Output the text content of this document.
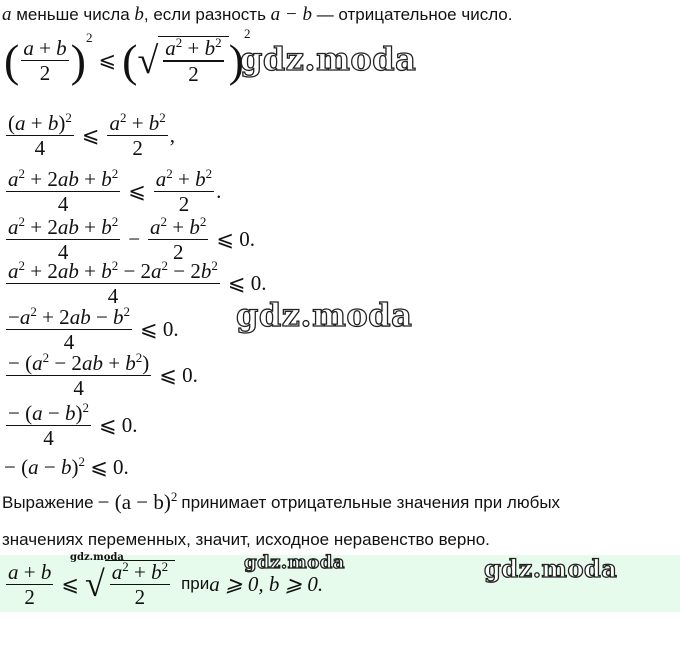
a меньше числа b, если разность a − b — отрицательное число.
( $\frac{a + b}{2}$ ) 2
⩽ ( √ $\frac{a^2 + b^2}{2}$ )
2
$\frac{(a + b)^2}{4}$ ⩽ $\frac{a^2 + b^2}{2}$ ,
$\frac{a^2 + 2ab + b^2}{4}$ ⩽ $\frac{a^2 + b^2}{2}$ .
$\frac{a^2 + 2ab + b^2}{4} - \frac{a^2 + b^2}{2}$ ⩽ 0.
$\frac{a^2 + 2ab + b^2 - 2a^2 - 2b^2}{4}$ ⩽ 0.
$\frac{-a^2 + 2ab - b^2}{4}$ ⩽ 0.
$\frac{- (a^2 - 2ab + b^2)}{4}$ ⩽ 0.
$\frac{- (a - b)^2}{4}$ ⩽ 0.
− $(a - b)^2$ ⩽ 0.
Выражение − $(a - b)^2$ принимает отрицательные значения при любых
значениях переменных, значит, исходное неравенство верно.
$\frac{a + b}{2}$ ⩽ √ $\frac{a^2 + b^2}{2}$ при a ⩾ 0, b ⩾ 0.
gdz.moda
gdz.moda
gdz.moda	gdz.moda
gdz.moda
